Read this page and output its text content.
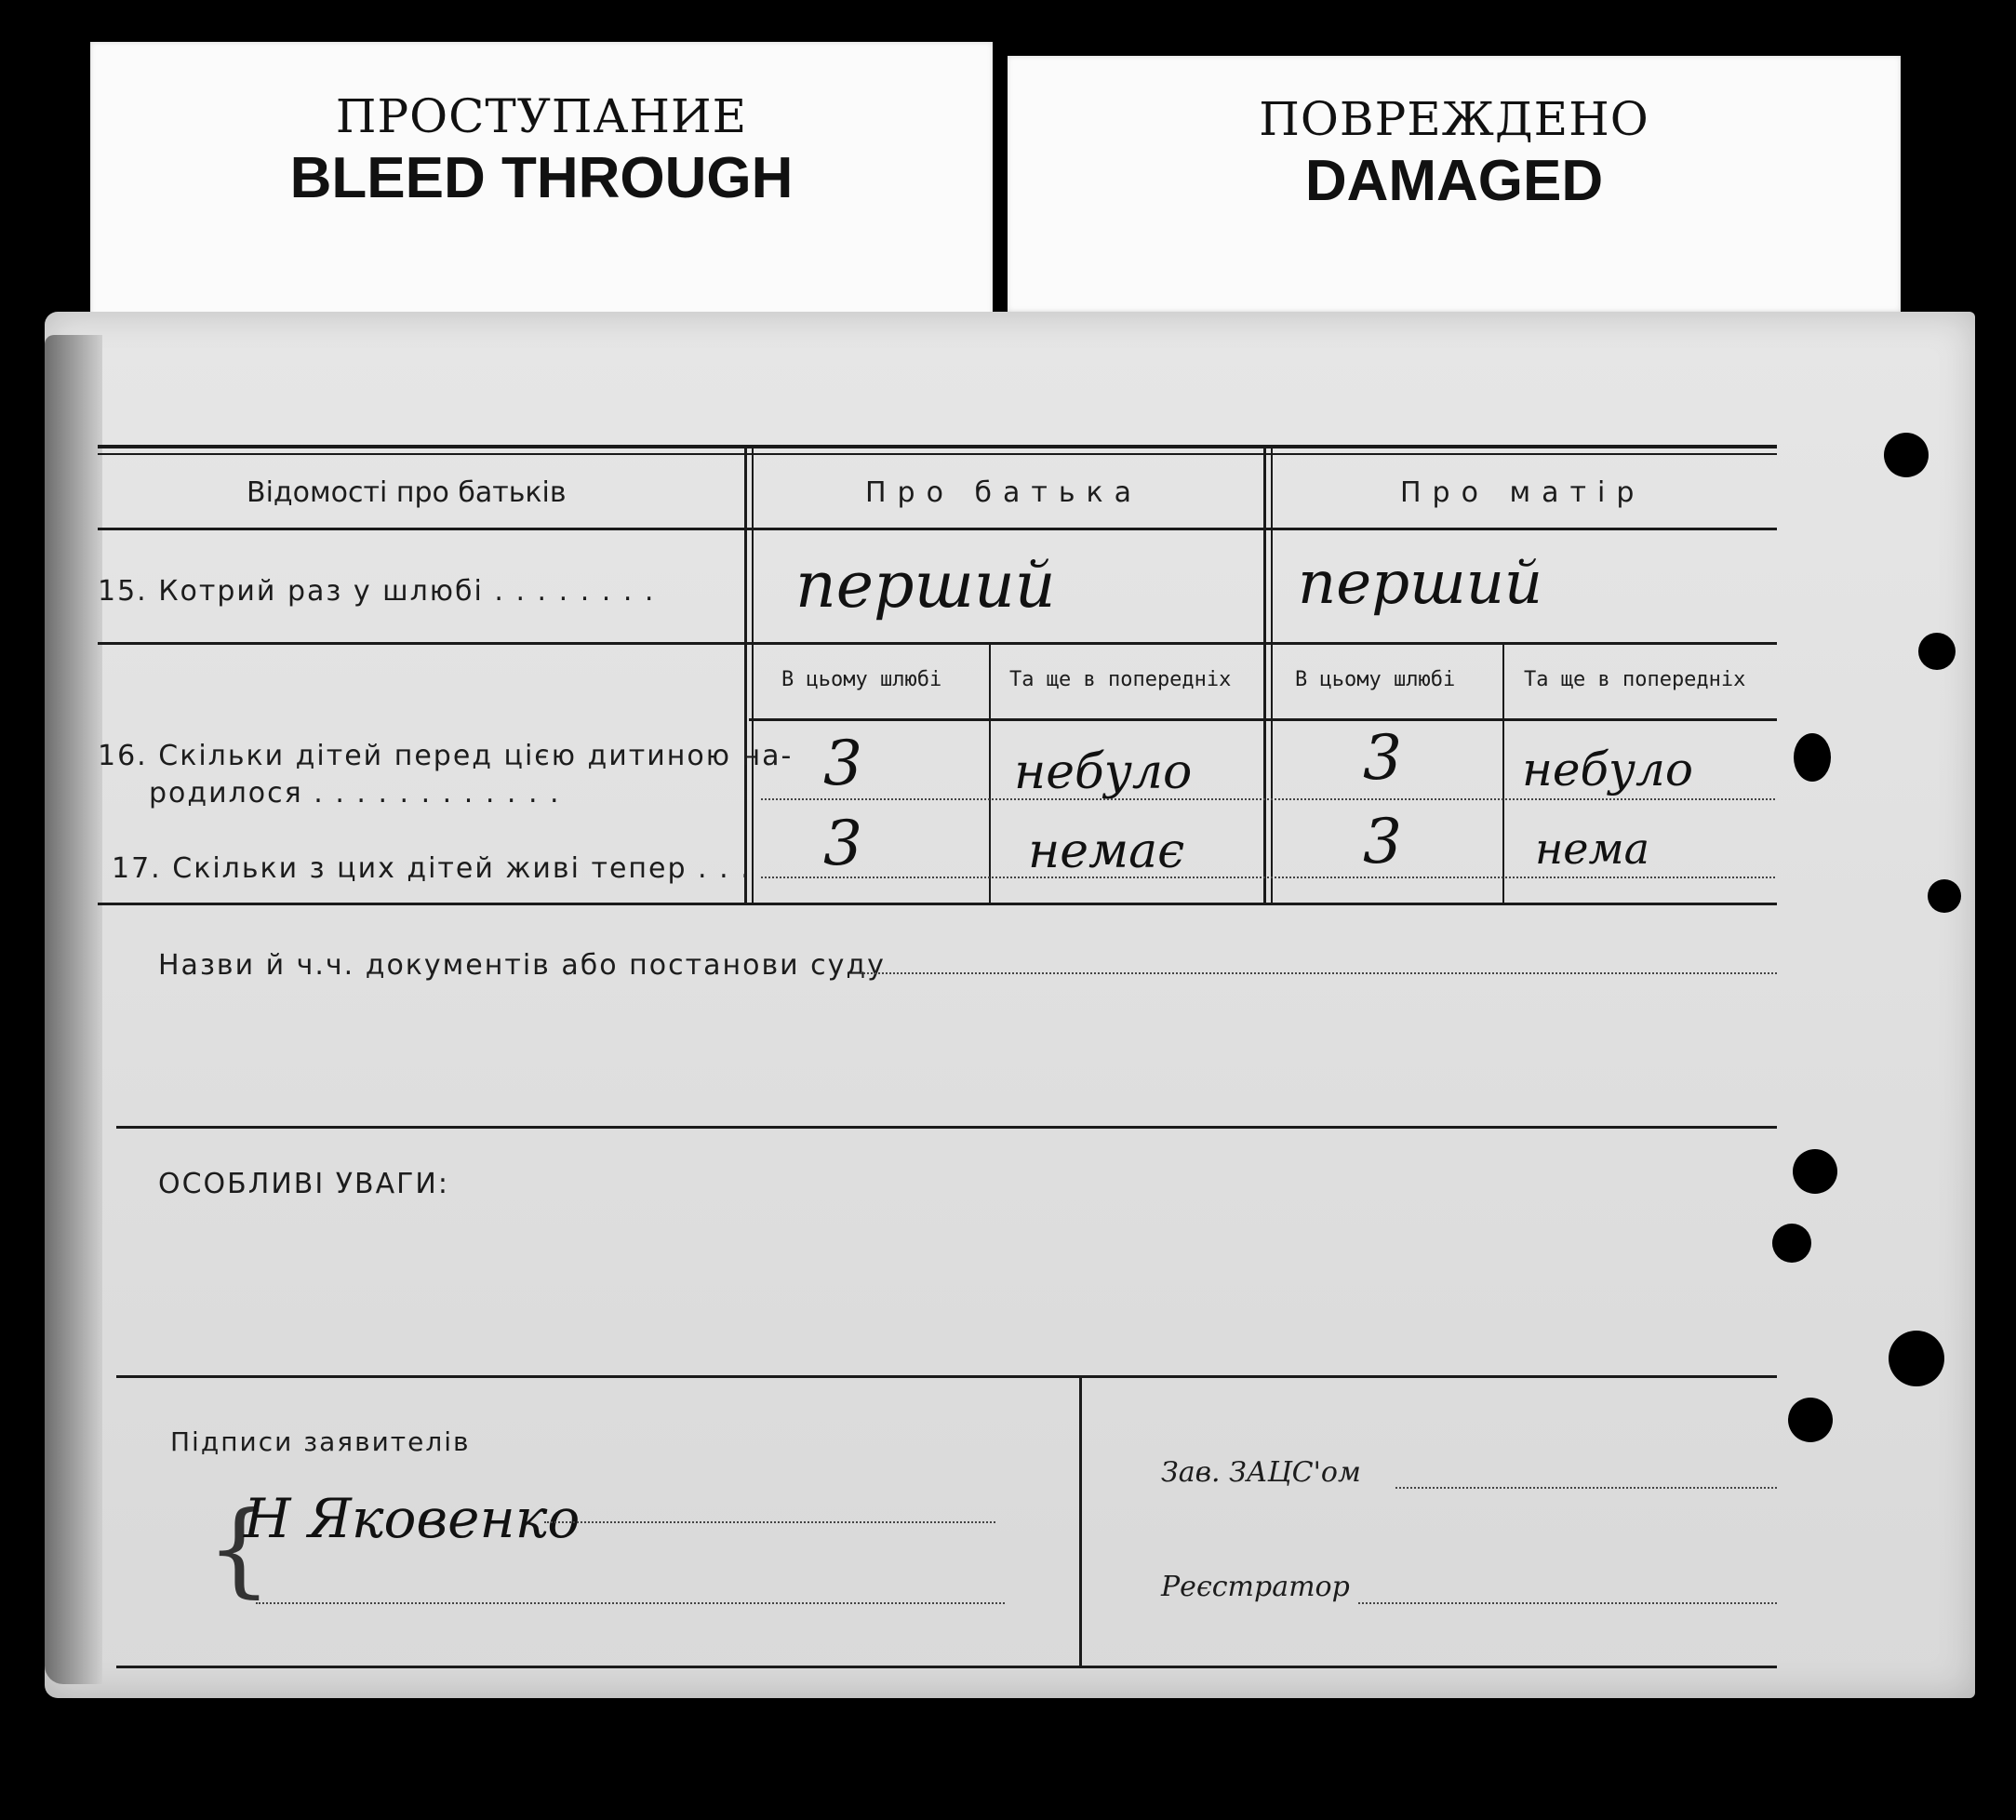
ПРОСТУПАНИЕ
BLEED THROUGH
ПОВРЕЖДЕНО
DAMAGED
Відомості про батьків	Про батька	Про матір
15. Котрий раз у шлюбі . . . . . . . . перший	перший
В цьому шлюбі	Та ще в попередніх	В цьому шлюбі	Та ще в попередніх
16. Скільки дітей перед цією дитиною на-
родилося . . . . . . . . . . . .	3	небуло	3	небуло
17. Скільки з цих дітей живі тепер . . . 3	немає	3	нема
Назви й ч.ч. документів або постанови суду
ОСОБЛИВІ УВАГИ:
Підписи заявителів
{
Н Яковенко
Зав. ЗАЦС'ом
Реєстратор
